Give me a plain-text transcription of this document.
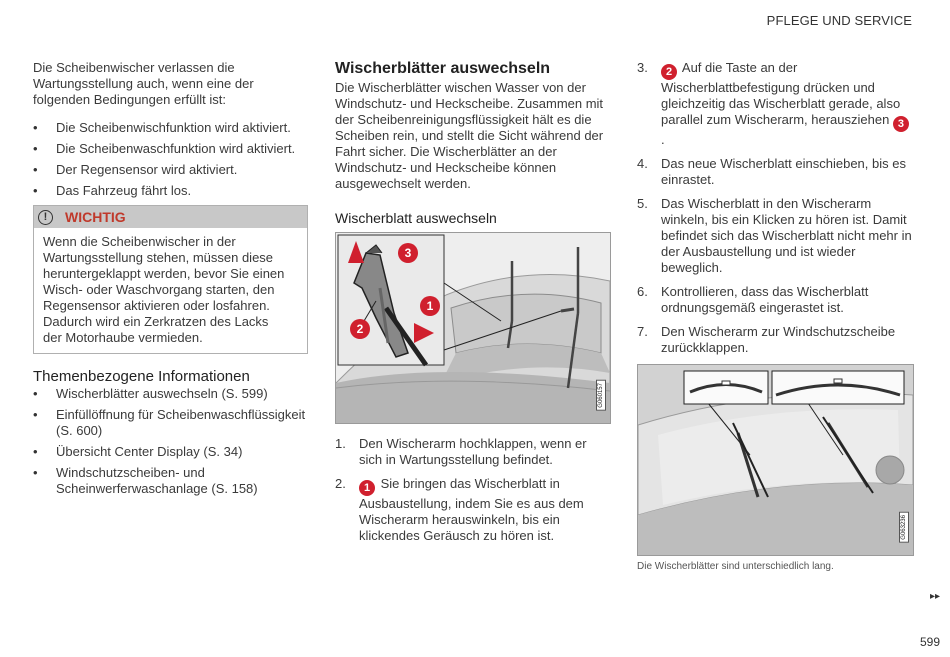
PFLEGE UND SERVICE

Die Scheibenwischer verlassen die Wartungsstellung auch, wenn eine der folgenden Bedingungen erfüllt ist:

• Die Scheibenwischfunktion wird aktiviert.
• Die Scheibenwaschfunktion wird aktiviert.
• Der Regensensor wird aktiviert.
• Das Fahrzeug fährt los.
!	WICHTIG
Wenn die Scheibenwischer in der Wartungsstellung stehen, müssen diese heruntergeklappt werden, bevor Sie einen Wisch- oder Waschvorgang starten, den Regensensor aktivieren oder losfahren. Dadurch wird ein Zerkratzen des Lacks der Motorhaube vermieden.
Themenbezogene Informationen
• Wischerblätter auswechseln (S. 599)
• Einfüllöffnung für Scheibenwaschflüssigkeit (S. 600)
• Übersicht Center Display (S. 34)
• Windschutzscheiben- und Scheinwerferwaschanlage (S. 158)
Wischerblätter auswechseln

Die Wischerblätter wischen Wasser von der Windschutz- und Heckscheibe. Zusammen mit der Scheibenreinigungsflüssigkeit hält es die Scheiben rein, und stellt die Sicht während der Fahrt sicher. Die Wischerblätter an der Windschutz- und Heckscheibe können ausgewechselt werden.

Wischerblatt auswechseln
3
1
2
G060157
1. Den Wischerarm hochklappen, wenn er sich in Wartungsstellung befindet.
2. 1 Sie bringen das Wischerblatt in Ausbaustellung, indem Sie es aus dem Wischerarm herauswinkeln, bis ein klickendes Geräusch zu hören ist.
3. 2 Auf die Taste an der Wischerblattbefestigung drücken und gleichzeitig das Wischerblatt gerade, also parallel zum Wischerarm, herausziehen 3.
4. Das neue Wischerblatt einschieben, bis es einrastet.
5. Das Wischerblatt in den Wischerarm winkeln, bis ein Klicken zu hören ist. Damit befindet sich das Wischerblatt nicht mehr in der Ausbaustellung und ist wieder beweglich.
6. Kontrollieren, dass das Wischerblatt ordnungsgemäß eingerastet ist.
7. Den Wischerarm zur Windschutzscheibe zurückklappen.
G063236
Die Wischerblätter sind unterschiedlich lang.
▸▸
599
